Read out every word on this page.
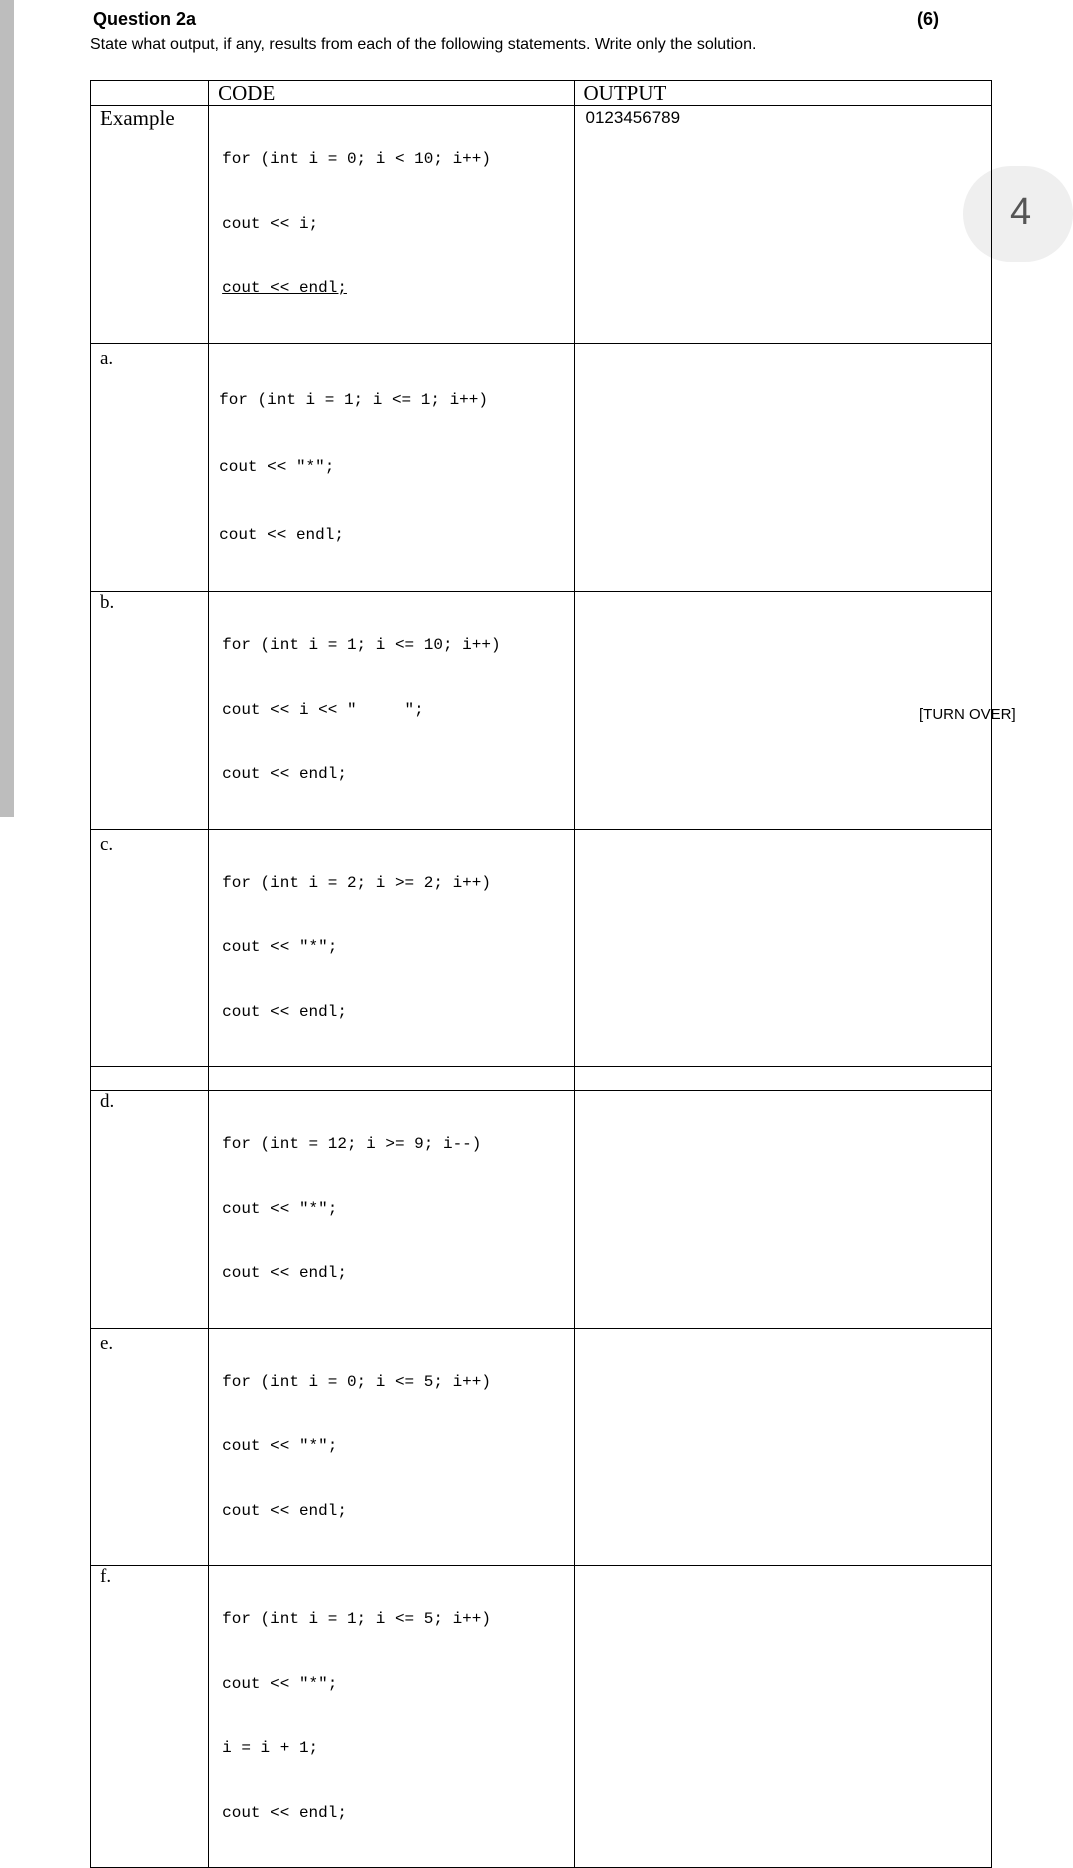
Question 2a	(6)
State what output, if any, results from each of the following statements. Write only the solution.
4

	CODE	OUTPUT

Example	for (int i = 0; i < 10; i++)

cout << i;

cout << endl;	0123456789

a.	for (int i = 1; i <= 1; i++)

cout << "*";

cout << endl;	

b.	for (int i = 1; i <= 10; i++)

cout << i << "     ";

cout << endl;	

c.	for (int i = 2; i >= 2; i++)

cout << "*";

cout << endl;	

d.	for (int = 12; i >= 9; i--)

cout << "*";

cout << endl;	

e.	for (int i = 0; i <= 5; i++)

cout << "*";

cout << endl;	

f.	for (int i = 1; i <= 5; i++)

cout << "*";

i = i + 1;

cout << endl;	

[TURN OVER]
